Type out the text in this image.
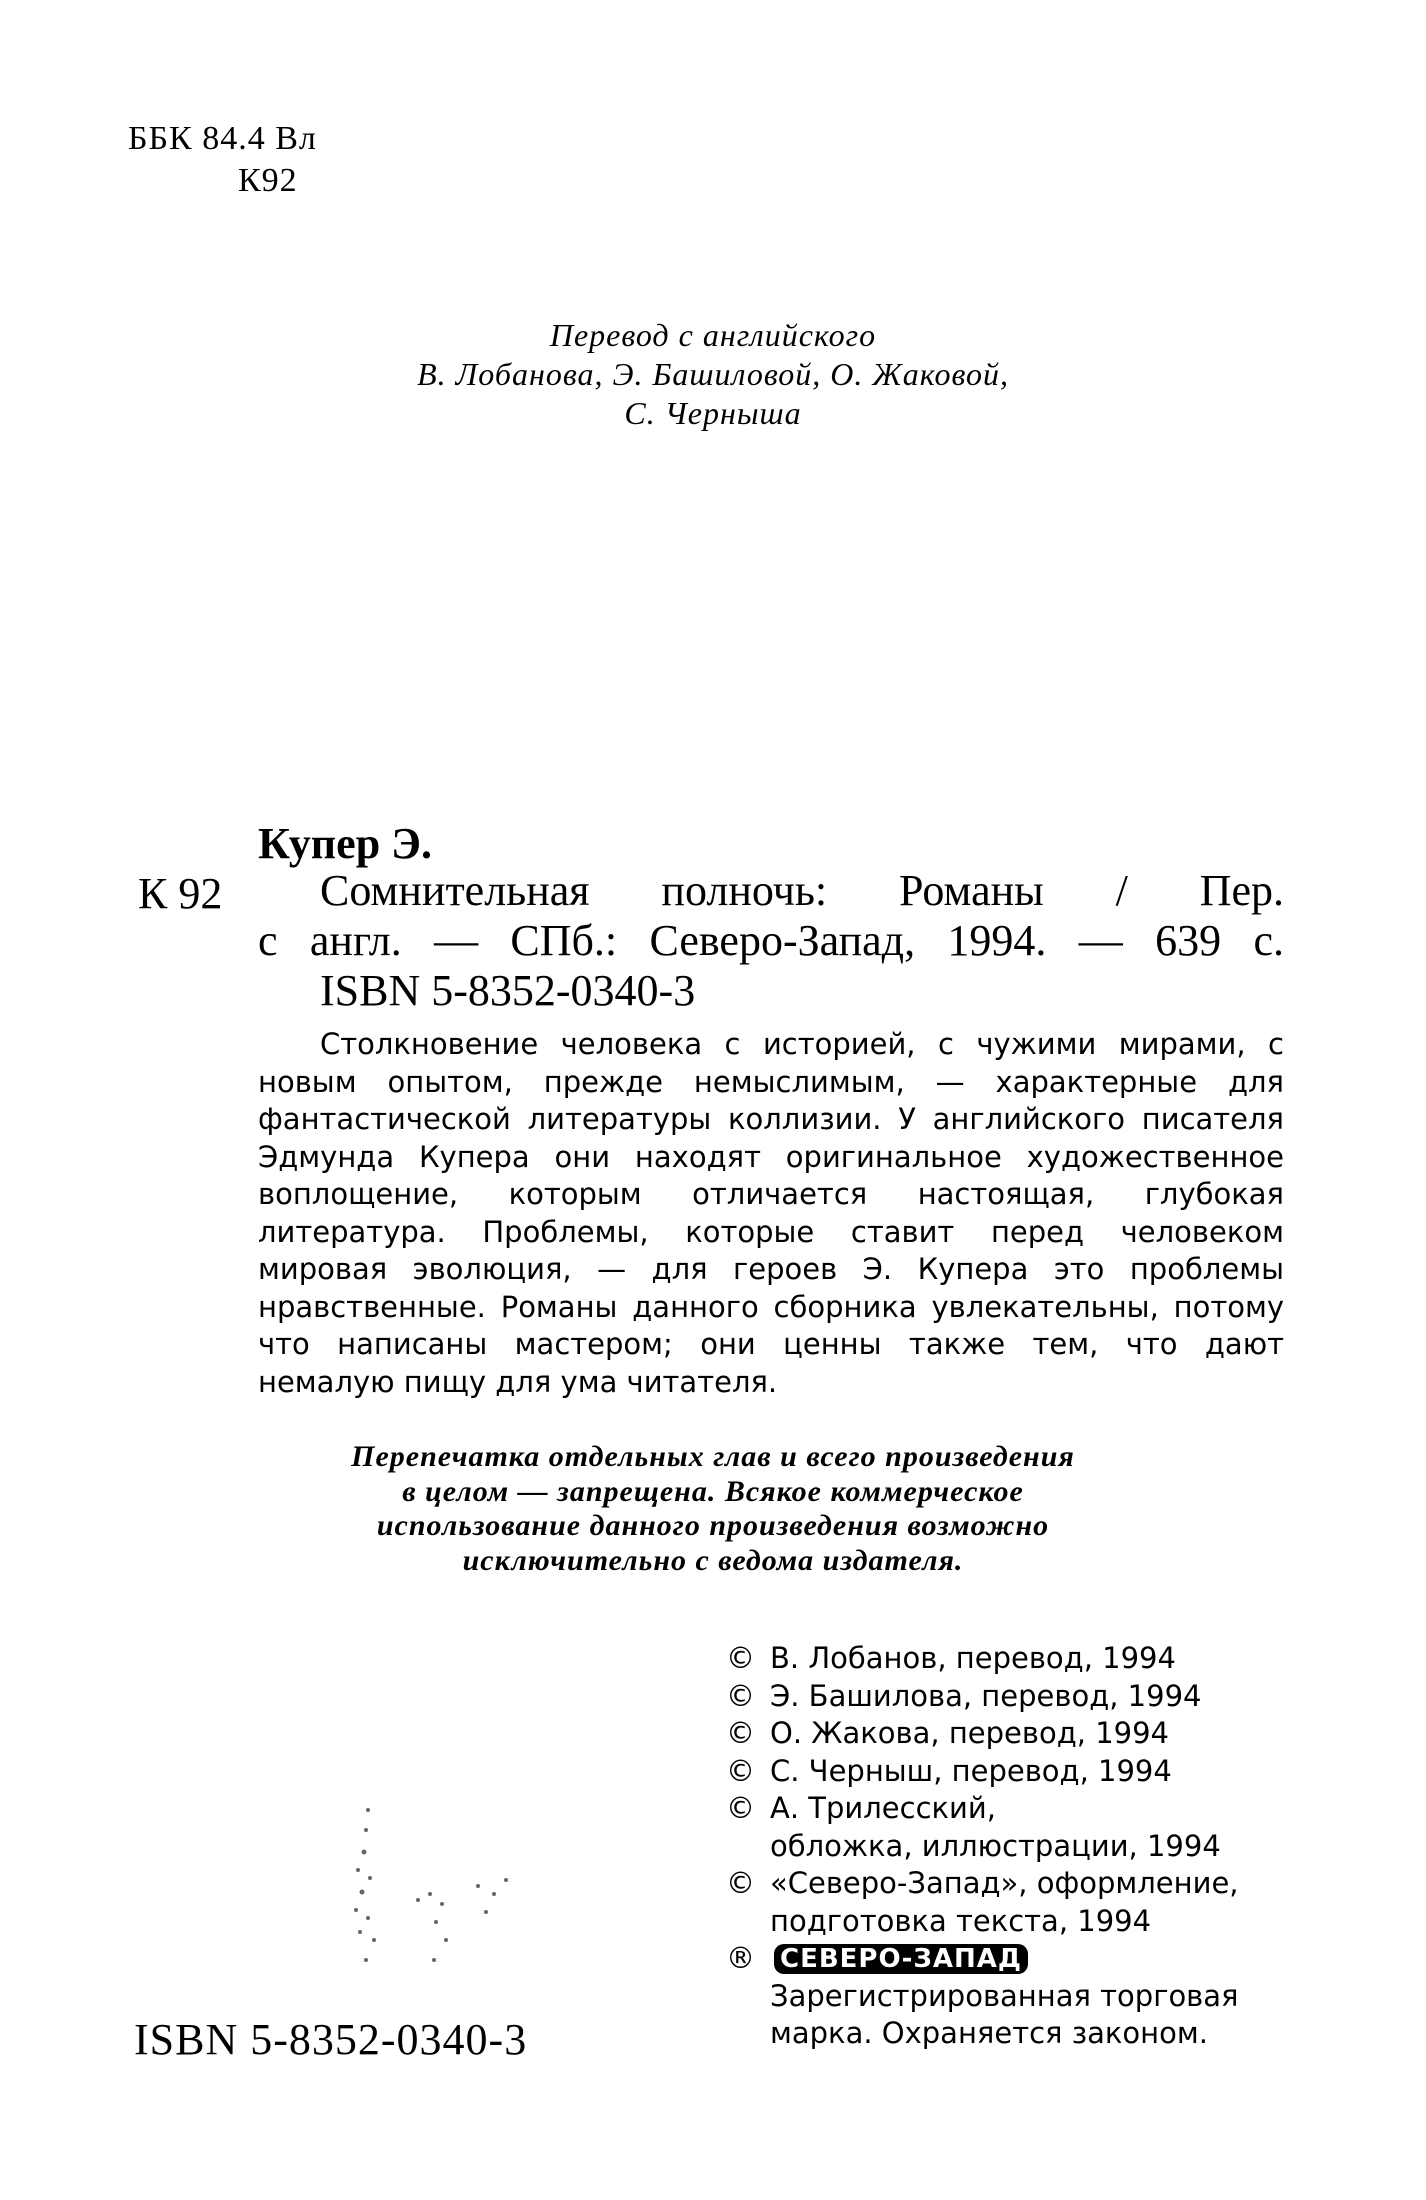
ББК 84.4 Вл
К92
Перевод с английского
В. Лобанова, Э. Башиловой, О. Жаковой,
С. Черныша
Купер Э.
К 92	Сомнительная полночь: Романы / Пер.
с англ. — СПб.: Северо-Запад, 1994. — 639 с.
ISBN 5-8352-0340-3
Столкновение человека с историей, с чужими мирами, с новым опытом, прежде немыслимым, — характерные для фантастической литературы коллизии. У английского писателя Эдмунда Купера они находят оригинальное художественное воплощение, которым отличается настоящая, глубокая литература. Проблемы, которые ставит перед человеком мировая эволюция, — для героев Э. Купера это проблемы нравственные. Романы данного сборника увлекательны, потому что написаны мастером; они ценны также тем, что дают немалую пищу для ума читателя.
Перепечатка отдельных глав и всего произведения
в целом — запрещена. Всякое коммерческое
использование данного произведения возможно
исключительно с ведома издателя.
© В. Лобанов, перевод, 1994
© Э. Башилова, перевод, 1994
© О. Жакова, перевод, 1994
© С. Черныш, перевод, 1994
© А. Трилесский,
обложка, иллюстрации, 1994
© «Северо-Запад», оформление,
подготовка текста, 1994
® СЕВЕРО-ЗАПАД
Зарегистрированная торговая
марка. Охраняется законом.
ISBN 5-8352-0340-3
